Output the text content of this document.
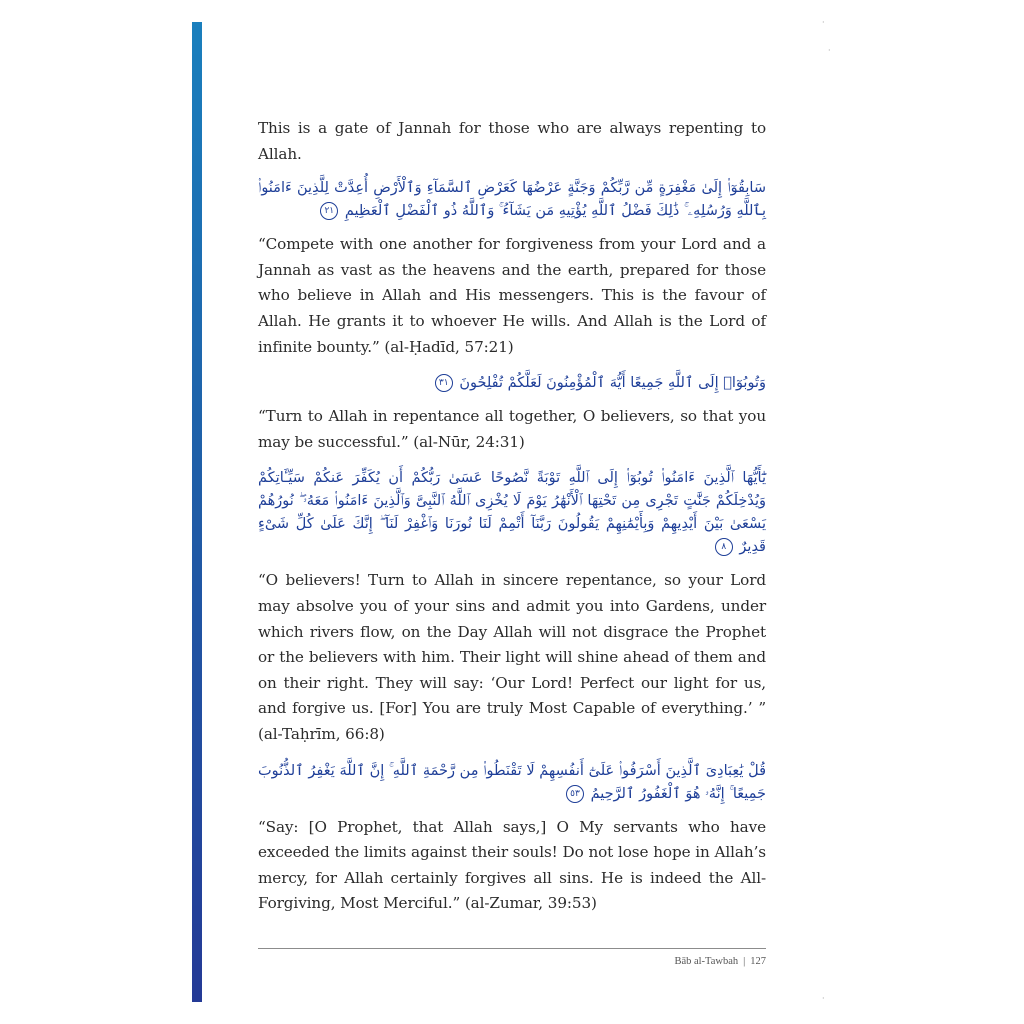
This is a gate of Jannah for those who are always repenting to Allah.

سَابِقُوٓا۟ إِلَىٰ مَغْفِرَةٍ مِّن رَّبِّكُمْ وَجَنَّةٍ عَرْضُهَا كَعَرْضِ ٱلسَّمَآءِ وَٱلْأَرْضِ أُعِدَّتْ لِلَّذِينَ ءَامَنُوا۟ بِٱللَّهِ وَرُسُلِهِۦ ۚ ذَٰلِكَ فَضْلُ ٱللَّهِ يُؤْتِيهِ مَن يَشَآءُ ۚ وَٱللَّهُ ذُو ٱلْفَضْلِ ٱلْعَظِيمِ ٢١

“Compete with one another for forgiveness from your Lord and a Jannah as vast as the heavens and the earth, prepared for those who believe in Allah and His messengers. This is the favour of Allah. He grants it to whoever He wills. And Allah is the Lord of infinite bounty.” (al-Ḥadīd, 57:21)

وَتُوبُوٓا۟ إِلَى ٱللَّهِ جَمِيعًا أَيُّهَ ٱلْمُؤْمِنُونَ لَعَلَّكُمْ تُفْلِحُونَ ٣١

“Turn to Allah in repentance all together, O believers, so that you may be successful.” (al-Nūr, 24:31)

يَٰٓأَيُّهَا ٱلَّذِينَ ءَامَنُوا۟ تُوبُوٓا۟ إِلَى ٱللَّهِ تَوْبَةً نَّصُوحًا عَسَىٰ رَبُّكُمْ أَن يُكَفِّرَ عَنكُمْ سَيِّـَٔاتِكُمْ وَيُدْخِلَكُمْ جَنَّٰتٍ تَجْرِى مِن تَحْتِهَا ٱلْأَنْهَٰرُ يَوْمَ لَا يُخْزِى ٱللَّهُ ٱلنَّبِىَّ وَٱلَّذِينَ ءَامَنُوا۟ مَعَهُۥ ۖ نُورُهُمْ يَسْعَىٰ بَيْنَ أَيْدِيهِمْ وَبِأَيْمَٰنِهِمْ يَقُولُونَ رَبَّنَآ أَتْمِمْ لَنَا نُورَنَا وَٱغْفِرْ لَنَآ ۖ إِنَّكَ عَلَىٰ كُلِّ شَىْءٍ قَدِيرٌ ٨

“O believers! Turn to Allah in sincere repentance, so your Lord may absolve you of your sins and admit you into Gardens, under which rivers flow, on the Day Allah will not disgrace the Prophet or the believers with him. Their light will shine ahead of them and on their right. They will say: ‘Our Lord! Perfect our light for us, and forgive us. [For] You are truly Most Capable of everything.’ ” (al-Taḥrīm, 66:8)

قُلْ يَٰعِبَادِىَ ٱلَّذِينَ أَسْرَفُوا۟ عَلَىٰٓ أَنفُسِهِمْ لَا تَقْنَطُوا۟ مِن رَّحْمَةِ ٱللَّهِ ۚ إِنَّ ٱللَّهَ يَغْفِرُ ٱلذُّنُوبَ جَمِيعًا ۚ إِنَّهُۥ هُوَ ٱلْغَفُورُ ٱلرَّحِيمُ ٥٣

“Say: [O Prophet, that Allah says,] O My servants who have exceeded the limits against their souls! Do not lose hope in Allah’s mercy, for Allah certainly forgives all sins. He is indeed the All-Forgiving, Most Merciful.” (al-Zumar, 39:53)

Bāb al-Tawbah | 127
·
·
·
